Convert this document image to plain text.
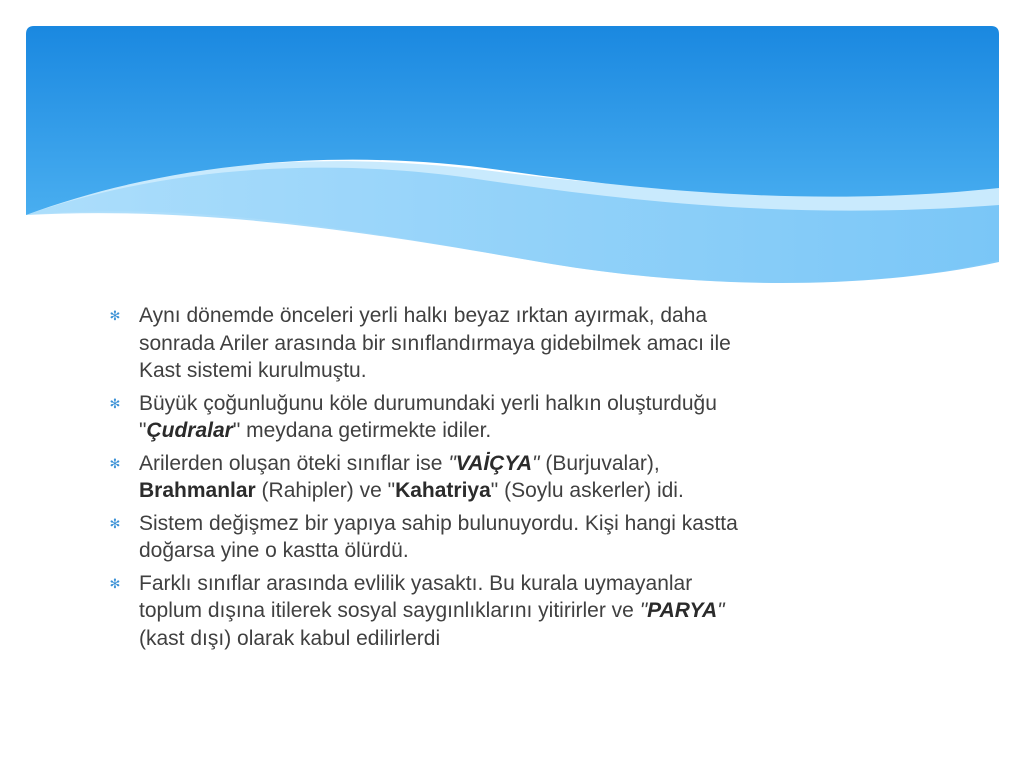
✻ Aynı dönemde önceleri yerli halkı beyaz ırktan ayırmak, daha
sonrada Ariler arasında bir sınıflandırmaya gidebilmek amacı ile
Kast sistemi kurulmuştu.
✻ Büyük çoğunluğunu köle durumundaki yerli halkın oluşturduğu
"Çudralar" meydana getirmekte idiler.
✻ Arilerden oluşan öteki sınıflar ise "VAİÇYA" (Burjuvalar),
Brahmanlar (Rahipler) ve "Kahatriya" (Soylu askerler) idi.
✻ Sistem değişmez bir yapıya sahip bulunuyordu. Kişi hangi kastta
doğarsa yine o kastta ölürdü.
✻ Farklı sınıflar arasında evlilik yasaktı. Bu kurala uymayanlar
toplum dışına itilerek sosyal saygınlıklarını yitirirler ve "PARYA"
(kast dışı) olarak kabul edilirlerdi
